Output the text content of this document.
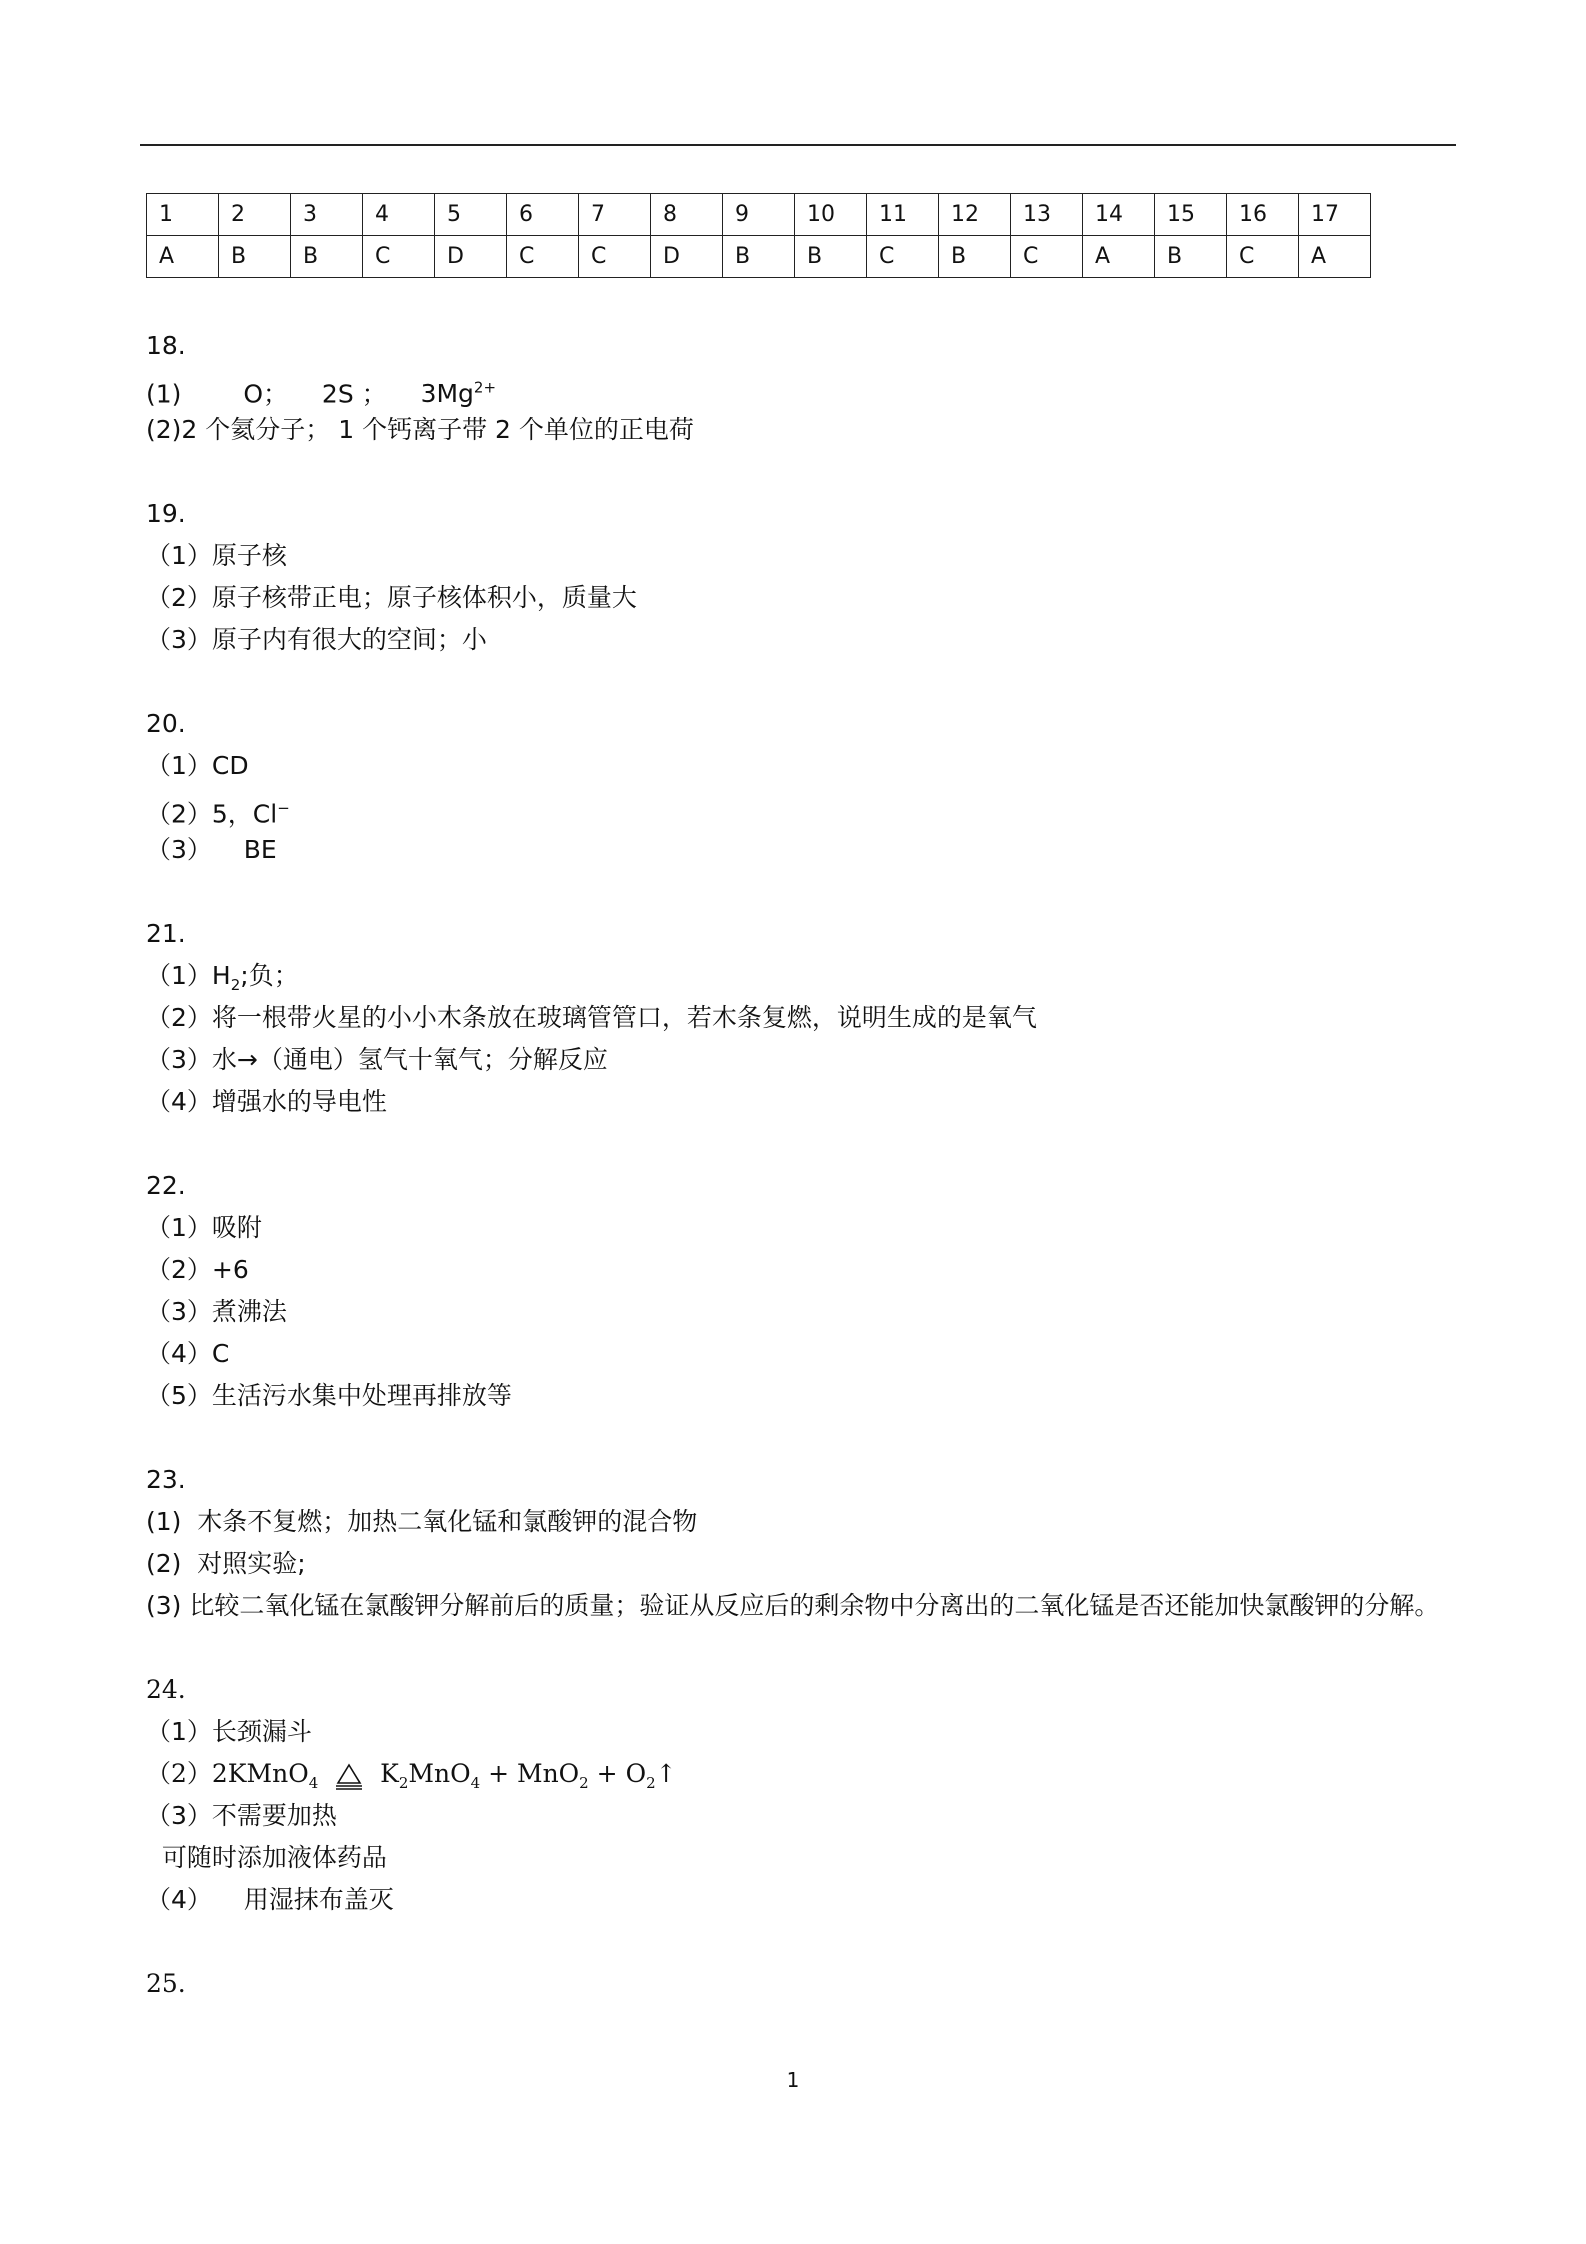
1	2	3	4	5	6	7	8	9	10	11	12	13	14	15	16	17
A	B	B	C	D	C	C	D	B	B	C	B	C	A	B	C	A
18.
(1) O； 2S ； $3Mg^{2+}$
(2)2 个氦分子； 1 个钙离子带 2 个单位的正电荷
19.
（1）原子核
（2）原子核带正电；原子核体积小，质量大
（3）原子内有很大的空间；小
20.
（1）CD
（2）5，Cl−
（3）    BE
21.
$(1)H_2$;负；
（2）将一根带火星的小小木条放在玻璃管管口，若木条复燃，说明生成的是氧气
（3）水→（通电）氢气十氧气；分解反应
（4）增强水的导电性
22.
（1）吸附
（2）+6
（3）煮沸法
（4）C
（5）生活污水集中处理再排放等
23.
(1)  木条不复燃；加热二氧化锰和氯酸钾的混合物
(2)  对照实验;
(3) 比较二氧化锰在氯酸钾分解前后的质量；验证从反应后的剩余物中分离出的二氧化锰是否还能加快氯酸钾的分解。
24.
（1）长颈漏斗
（2）2KMnO$_4$ $K_2MnO_4 + MnO_2$ + $O_2↑$
（3）不需要加热
可随时添加液体药品
（4）    用湿抹布盖灭
25.
1
